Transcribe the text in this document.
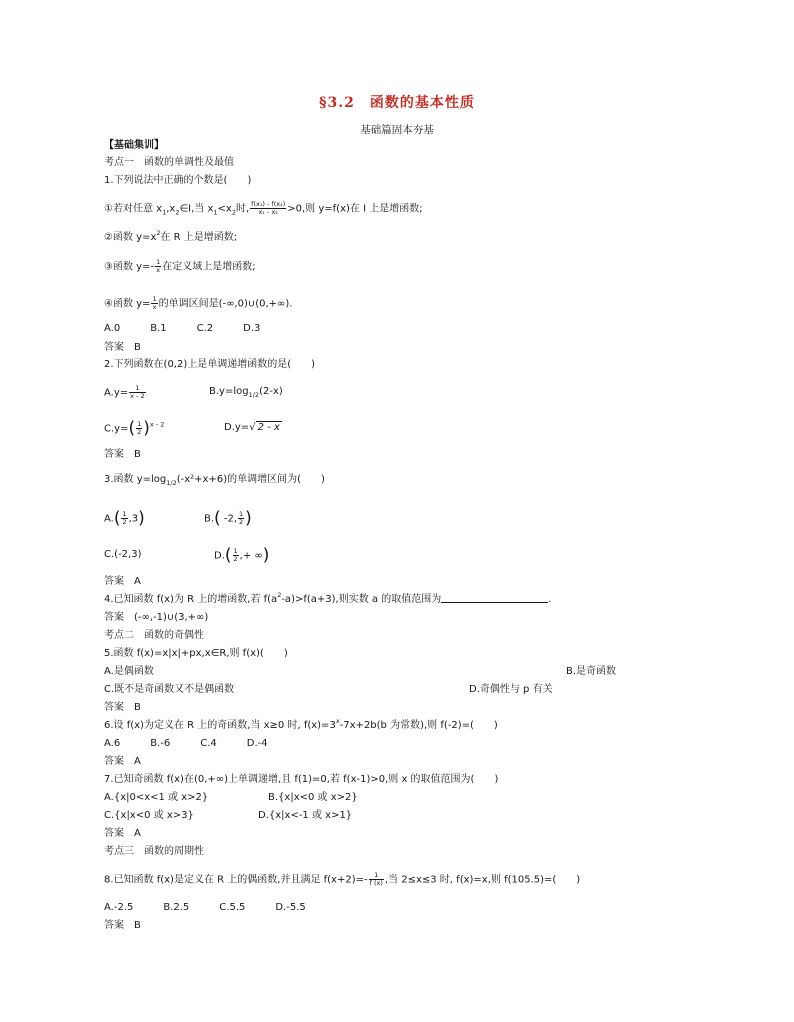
§3.2　函数的基本性质
基础篇固本夯基
【基础集训】
考点一　函数的单调性及最值
1.下列说法中正确的个数是(　　)
①若对任意 $x_1,x_2\in I$,当 $x_1<x_2$时, $\frac{\text{f(x₁) - f(x₂)}}{\text{x₁ - x₂}} >0$,则 y=f(x)在 I 上是增函数;
②函数 $y=x^2$在 R 上是增函数;
③函数 $y=- \frac{1}{x}$ 在定义域上是增函数;
④函数 $y= \frac{1}{x}$ 的单调区间是(-∞,0)∪(0,+∞).
A.0　　　B.1　　　C.2　　　D.3
答案　B
2.下列函数在(0,2)上是单调递增函数的是(　　)
$A.y= \frac{1}{x - 2}$	$B.y=\log_{1/2}(2-x)$
$C.y=( \frac{1}{2} )^{x - 2}$	D.y=√ 2 - x
答案　B
3.函数 $y=\log_{1/2}(-x^2+x+6)$的单调增区间为(　　)
$A.( \frac{1}{2} ,3)$	B.( -2, $\frac{1}{2}$ )
C.(-2,3)	$D.( \frac{1}{2}$ ,+ ∞)
答案　A
4.已知函数 f(x)为 R 上的增函数,若 $f(a^2-a)>f(a+3)$,则实数 a 的取值范围为	.
答案　(-∞,-1)∪(3,+∞)
考点二　函数的奇偶性
5.函数 f(x)=x|x|+px,x∈R,则 f(x)(　　)
A.是偶函数	B.是奇函数
C.既不是奇函数又不是偶函数	D.奇偶性与 p 有关
答案　B
6.设 f(x)为定义在 R 上的奇函数,当 x≥0 时, $f(x)=3^x-7x+2b(b$ 为常数),则 f(-2)=(　　)
A.6　　　B.-6　　　C.4　　　D.-4
答案　A
7.已知奇函数 f(x)在(0,+∞)上单调递增,且 f(1)=0,若 f(x-1)>0,则 x 的取值范围为(　　)
A.{x|0<x<1 或 x>2}	B.{x|x<0 或 x>2}
C.{x|x<0 或 x>3}	D.{x|x<-1 或 x>1}
答案　A
考点三　函数的周期性
8.已知函数 f(x)是定义在 R 上的偶函数,并且满足 $f(x+2)=- \frac{1}{f (x)}$ ,当 2≤x≤3 时, f(x)=x,则 f(105.5)=(　　)
A.-2.5　　　B.2.5　　　C.5.5　　　D.-5.5
答案　B
